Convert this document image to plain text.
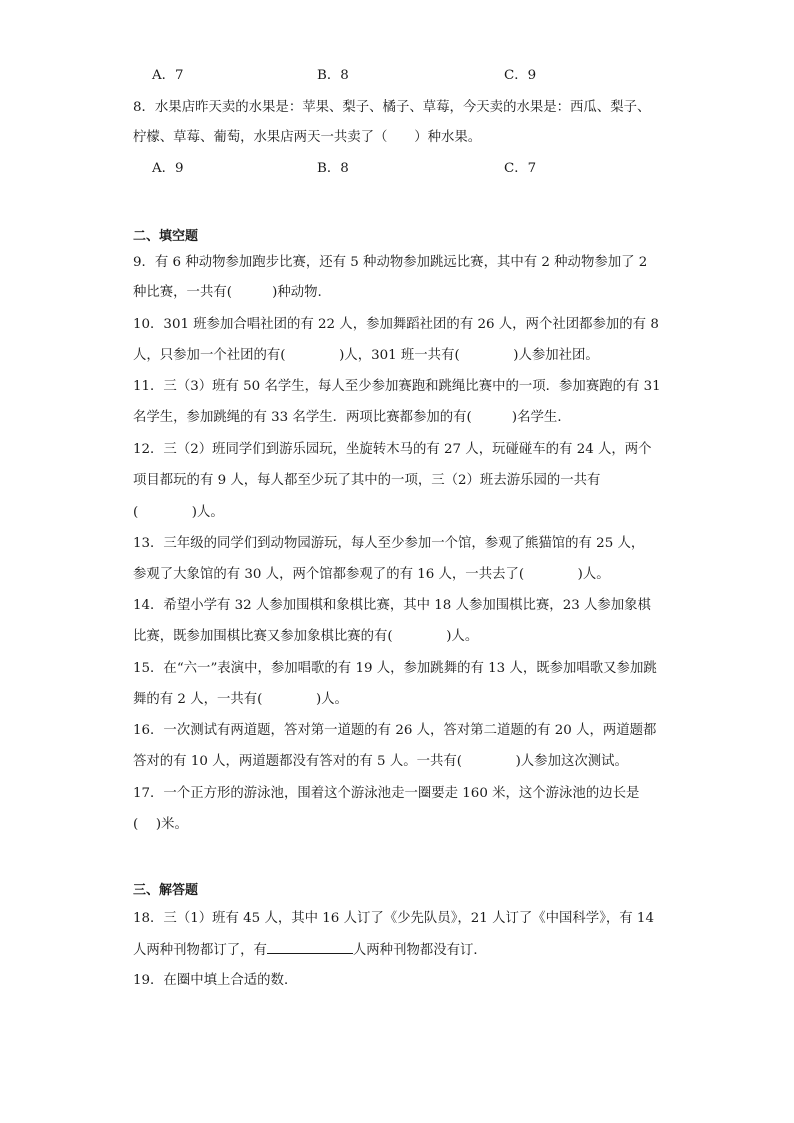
A．7	B．8	C．9
8．水果店昨天卖的水果是：苹果、梨子、橘子、草莓，今天卖的水果是：西瓜、梨子、
柠檬、草莓、葡萄，水果店两天一共卖了（　　）种水果。
A．9	B．8	C．7
二、填空题
9．有 6 种动物参加跑步比赛，还有 5 种动物参加跳远比赛，其中有 2 种动物参加了 2
种比赛，一共有(　　　)种动物.
10．301 班参加合唱社团的有 22 人，参加舞蹈社团的有 26 人，两个社团都参加的有 8
人，只参加一个社团的有(　　　　)人，301 班一共有(　　　　)人参加社团。
11．三（3）班有 50 名学生，每人至少参加赛跑和跳绳比赛中的一项．参加赛跑的有 31
名学生，参加跳绳的有 33 名学生．两项比赛都参加的有(　　　)名学生．
12．三（2）班同学们到游乐园玩，坐旋转木马的有 27 人，玩碰碰车的有 24 人，两个
项目都玩的有 9 人，每人都至少玩了其中的一项，三（2）班去游乐园的一共有
(　　　　)人。
13．三年级的同学们到动物园游玩，每人至少参加一个馆，参观了熊猫馆的有 25 人，
参观了大象馆的有 30 人，两个馆都参观了的有 16 人，一共去了(　　　　)人。
14．希望小学有 32 人参加围棋和象棋比赛，其中 18 人参加围棋比赛，23 人参加象棋
比赛，既参加围棋比赛又参加象棋比赛的有(　　　　)人。
15．在“六一”表演中，参加唱歌的有 19 人，参加跳舞的有 13 人，既参加唱歌又参加跳
舞的有 2 人，一共有(　　　　)人。
16．一次测试有两道题，答对第一道题的有 26 人，答对第二道题的有 20 人，两道题都
答对的有 10 人，两道题都没有答对的有 5 人。一共有(　　　　)人参加这次测试。
17．一个正方形的游泳池，围着这个游泳池走一圈要走 160 米，这个游泳池的边长是
(　 )米。
三、解答题
18．三（1）班有 45 人，其中 16 人订了《少先队员》，21 人订了《中国科学》，有 14
人两种刊物都订了，有	人两种刊物都没有订．
19．在圈中填上合适的数．
